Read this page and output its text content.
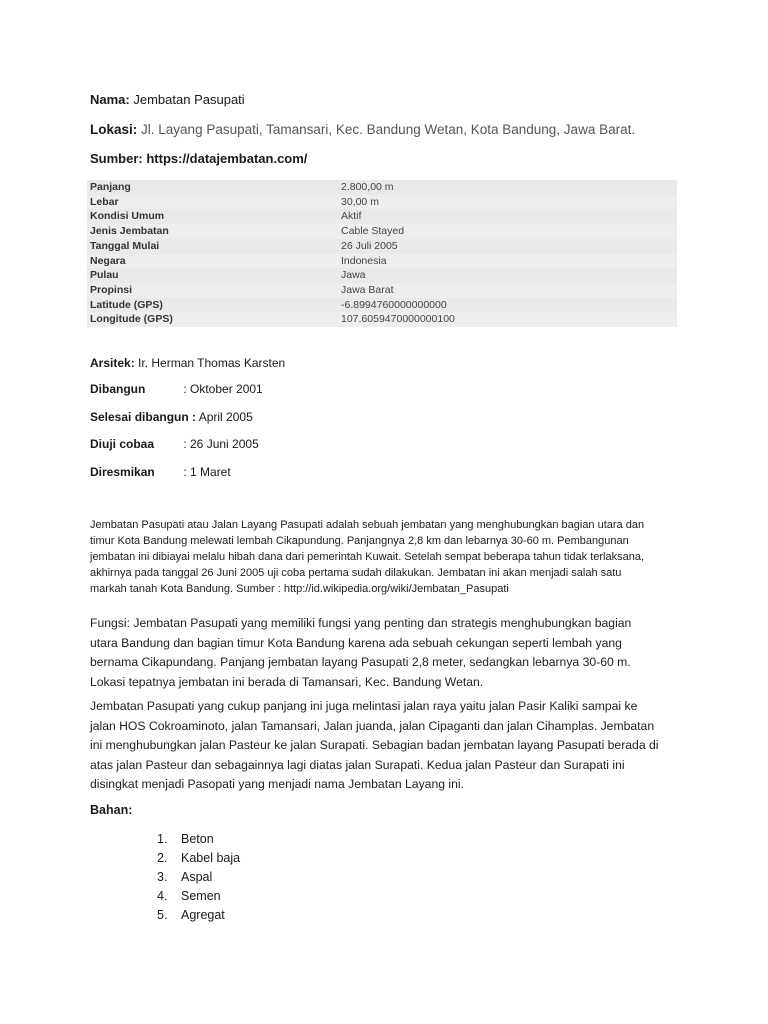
Nama: Jembatan Pasupati
Lokasi: Jl. Layang Pasupati, Tamansari, Kec. Bandung Wetan, Kota Bandung, Jawa Barat.
Sumber: https://datajembatan.com/
Panjang	2.800,00 m
Lebar	30,00 m
Kondisi Umum	Aktif
Jenis Jembatan	Cable Stayed
Tanggal Mulai	26 Juli 2005
Negara	Indonesia
Pulau	Jawa
Propinsi	Jawa Barat
Latitude (GPS)	-6.8994760000000000
Longitude (GPS)	107.6059470000000100
Arsitek: Ir. Herman Thomas Karsten
Dibangun	: Oktober 2001
Selesai dibangun : April 2005
Diuji cobaa : 26 Juni 2005
Diresmikan : 1 Maret
Jembatan Pasupati atau Jalan Layang Pasupati adalah sebuah jembatan yang menghubungkan bagian utara dan
timur Kota Bandung melewati lembah Cikapundung. Panjangnya 2,8 km dan lebarnya 30-60 m. Pembangunan
jembatan ini dibiayai melalu hibah dana dari pemerintah Kuwait. Setelah sempat beberapa tahun tidak terlaksana,
akhirnya pada tanggal 26 Juni 2005 uji coba pertama sudah dilakukan. Jembatan ini akan menjadi salah satu
markah tanah Kota Bandung. Sumber : http://id.wikipedia.org/wiki/Jembatan_Pasupati
Fungsi: Jembatan Pasupati yang memiliki fungsi yang penting dan strategis menghubungkan bagian
utara Bandung dan bagian timur Kota Bandung karena ada sebuah cekungan seperti lembah yang
bernama Cikapundang. Panjang jembatan layang Pasupati 2,8 meter, sedangkan lebarnya 30-60 m.
Lokasi tepatnya jembatan ini berada di Tamansari, Kec. Bandung Wetan.
Jembatan Pasupati yang cukup panjang ini juga melintasi jalan raya yaitu jalan Pasir Kaliki sampai ke
jalan HOS Cokroaminoto, jalan Tamansari, Jalan juanda, jalan Cipaganti dan jalan Cihamplas. Jembatan
ini menghubungkan jalan Pasteur ke jalan Surapati. Sebagian badan jembatan layang Pasupati berada di
atas jalan Pasteur dan sebagainnya lagi diatas jalan Surapati. Kedua jalan Pasteur dan Surapati ini
disingkat menjadi Pasopati yang menjadi nama Jembatan Layang ini.
Bahan:
1. Beton
2. Kabel baja
3. Aspal
4. Semen
5. Agregat
